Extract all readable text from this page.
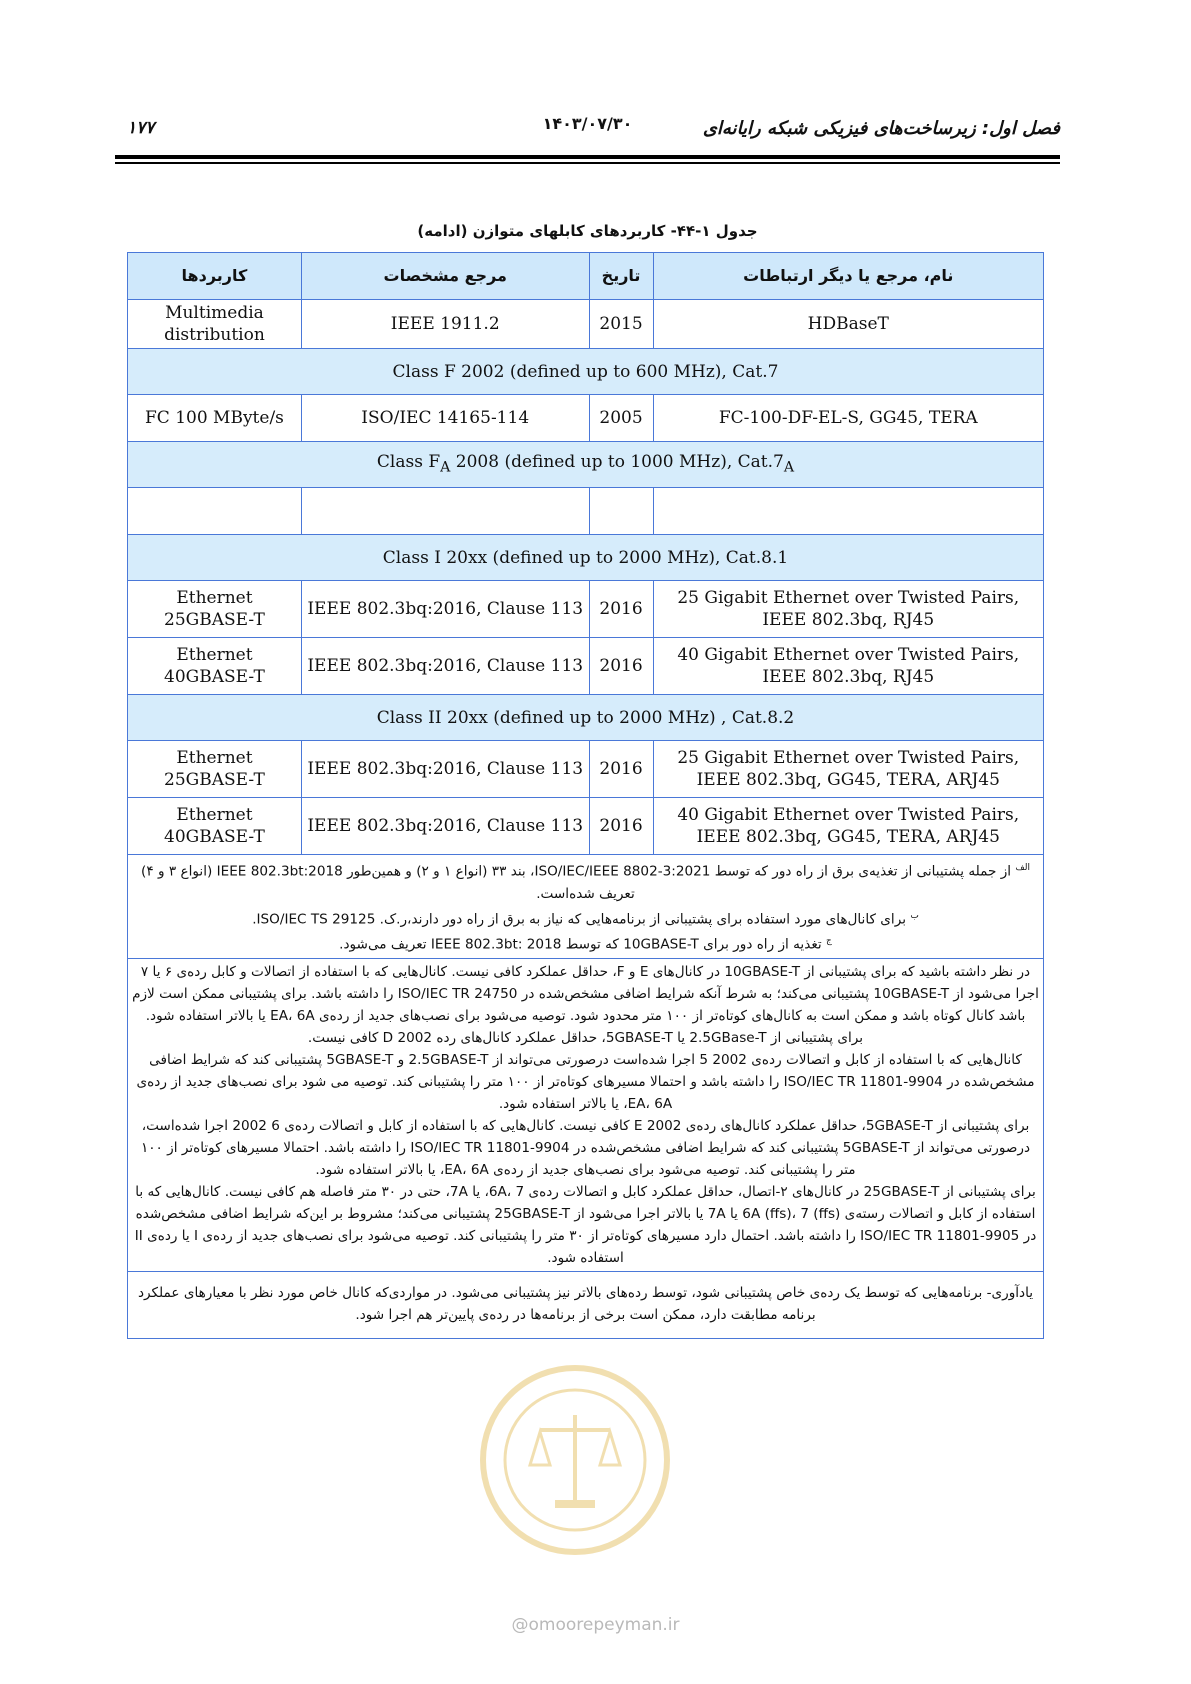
فصل اول: زیرساخت‌های فیزیکی شبکه رایانه‌ای
۱۴۰۳/۰۷/۳۰
۱۷۷
جدول ۱-۴۴- کاربردهای کابلهای متوازن (ادامه)
کاربردها	مرجع مشخصات	تاریخ	نام، مرجع یا دیگر ارتباطات
Multimedia distribution	IEEE 1911.2	2015	HDBaseT
Class F 2002 (defined up to 600 MHz), Cat.7			
FC 100 MByte/s	ISO/IEC 14165-114	2005	FC-100-DF-EL-S, GG45, TERA
Class $F_A$ 2008 (defined up to 1000 MHz), $Cat.7_A$

Class I 20xx (defined up to 2000 MHz), Cat.8.1			
Ethernet 25GBASE-T	IEEE 802.3bq:2016, Clause 113	2016	25 Gigabit Ethernet over Twisted Pairs, IEEE 802.3bq, RJ45
Ethernet 40GBASE-T	IEEE 802.3bq:2016, Clause 113	2016	40 Gigabit Ethernet over Twisted Pairs, IEEE 802.3bq, RJ45
Class II 20xx (defined up to 2000 MHz) , Cat.8.2			
Ethernet 25GBASE-T	IEEE 802.3bq:2016, Clause 113	2016	25 Gigabit Ethernet over Twisted Pairs, IEEE 802.3bq, GG45, TERA, ARJ45
Ethernet 40GBASE-T	IEEE 802.3bq:2016, Clause 113	2016	40 Gigabit Ethernet over Twisted Pairs, IEEE 802.3bq, GG45, TERA, ARJ45

$^{الف}$ از جمله پشتیبانی از تغذیه‌ی برق از راه دور که توسط ISO/IEC/IEEE 8802-3:2021، بند ۳۳ (انواع ۱ و ۲) و همین‌طور IEEE 802.3bt:2018 (انواع ۳ و ۴) تعریف شده‌است.

$^ب$ برای کانال‌های مورد استفاده برای پشتیبانی از برنامه‌هایی که نیاز به برق از راه دور دارند،ر.ک. ISO/IEC TS 29125.

$^ج$ تغذیه از راه دور برای 10GBASE-T که توسط IEEE 802.3bt: 2018 تعریف می‌شود.			

در نظر داشته باشید که برای پشتیبانی از 10GBASE-T در کانال‌های E و F، حداقل عملکرد کافی نیست. کانال‌هایی که با استفاده از اتصالات و کابل رده‌ی ۶ یا ۷ اجرا می‌شود از 10GBASE-T پشتیبانی می‌کند؛ به شرط آنکه شرایط اضافی مشخص‌شده در ISO/IEC TR 24750 را داشته باشد. برای پشتیبانی ممکن است لازم باشد کانال کوتاه باشد و ممکن است به کانال‌های کوتاه‌تر از ۱۰۰ متر محدود شود. توصیه می‌شود برای نصب‌های جدید از رده‌ی EA، 6A یا بالاتر استفاده شود.

برای پشتیبانی از 2.5GBase-T یا 5GBASE-T، حداقل عملکرد کانال‌های رده D 2002 کافی نیست.

کانال‌هایی که با استفاده از کابل و اتصالات رده‌ی 2002 5 اجرا شده‌است درصورتی می‌تواند از 2.5GBASE-T و 5GBASE-T پشتیبانی کند که شرایط اضافی مشخص‌شده در ISO/IEC TR 11801-9904 را داشته باشد و احتمالا مسیرهای کوتاه‌تر از ۱۰۰ متر را پشتیبانی کند. توصیه می شود برای نصب‌های جدید از رده‌ی EA، 6A، یا بالاتر استفاده شود.

برای پشتیبانی از 5GBASE-T، حداقل عملکرد کانال‌های رده‌ی E 2002 کافی نیست. کانال‌هایی که با استفاده از کابل و اتصالات رده‌ی 6 2002 اجرا شده‌است، درصورتی می‌تواند از 5GBASE-T پشتیبانی کند که شرایط اضافی مشخص‌شده در ISO/IEC TR 11801-9904 را داشته باشد. احتمالا مسیرهای کوتاه‌تر از ۱۰۰ متر را پشتیبانی کند. توصیه می‌شود برای نصب‌های جدید از رده‌ی EA، 6A، یا بالاتر استفاده شود.

برای پشتیبانی از 25GBASE-T در کانال‌های ۲-اتصال، حداقل عملکرد کابل و اتصالات رده‌ی 6A، 7، یا 7A، حتی در ۳۰ متر فاصله هم کافی نیست. کانال‌هایی که با استفاده از کابل و اتصالات رسته‌ی 6A (ffs)، 7 (ffs) یا 7A یا بالاتر اجرا می‌شود از 25GBASE-T پشتیبانی می‌کند؛ مشروط بر این‌که شرایط اضافی مشخص‌شده در ISO/IEC TR 11801-9905 را داشته باشد. احتمال دارد مسیرهای کوتاه‌تر از ۳۰ متر را پشتیبانی کند. توصیه می‌شود برای نصب‌های جدید از رده‌ی I یا رده‌ی II استفاده شود.			

یادآوری- برنامه‌هایی که توسط یک رده‌ی خاص پشتیبانی شود، توسط رده‌های بالاتر نیز پشتیبانی می‌شود. در مواردی‌که کانال خاص مورد نظر با معیارهای عملکرد برنامه مطابقت دارد، ممکن است برخی از برنامه‌ها در رده‌ی پایین‌تر هم اجرا شود.			

@omoorepeyman.ir
